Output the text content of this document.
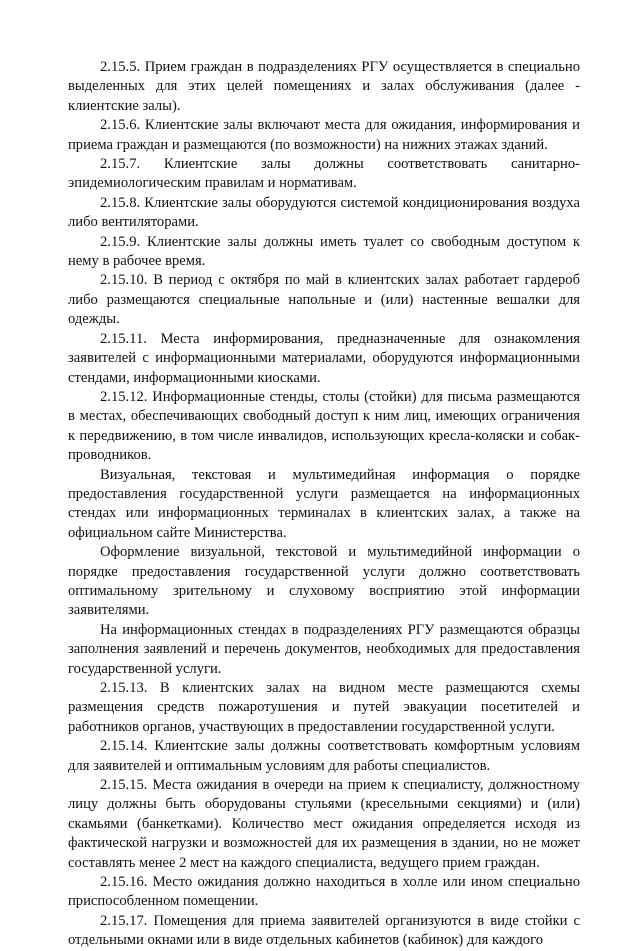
2.15.5. Прием граждан в подразделениях РГУ осуществляется в специально выделенных для этих целей помещениях и залах обслуживания (далее - клиентские залы).

2.15.6. Клиентские залы включают места для ожидания, информирования и приема граждан и размещаются (по возможности) на нижних этажах зданий.

2.15.7. Клиентские залы должны соответствовать санитарно-эпидемиологическим правилам и нормативам.

2.15.8. Клиентские залы оборудуются системой кондиционирования воздуха либо вентиляторами.

2.15.9. Клиентские залы должны иметь туалет со свободным доступом к нему в рабочее время.

2.15.10. В период с октября по май в клиентских залах работает гардероб либо размещаются специальные напольные и (или) настенные вешалки для одежды.

2.15.11. Места информирования, предназначенные для ознакомления заявителей с информационными материалами, оборудуются информационными стендами, информационными киосками.

2.15.12. Информационные стенды, столы (стойки) для письма размещаются в местах, обеспечивающих свободный доступ к ним лиц, имеющих ограничения к передвижению, в том числе инвалидов, использующих кресла-коляски и собак-проводников.

Визуальная, текстовая и мультимедийная информация о порядке предоставления государственной услуги размещается на информационных стендах или информационных терминалах в клиентских залах, а также на официальном сайте Министерства.

Оформление визуальной, текстовой и мультимедийной информации о порядке предоставления государственной услуги должно соответствовать оптимальному зрительному и слуховому восприятию этой информации заявителями.

На информационных стендах в подразделениях РГУ размещаются образцы заполнения заявлений и перечень документов, необходимых для предоставления государственной услуги.

2.15.13. В клиентских залах на видном месте размещаются схемы размещения средств пожаротушения и путей эвакуации посетителей и работников органов, участвующих в предоставлении государственной услуги.

2.15.14. Клиентские залы должны соответствовать комфортным условиям для заявителей и оптимальным условиям для работы специалистов.

2.15.15. Места ожидания в очереди на прием к специалисту, должностному лицу должны быть оборудованы стульями (кресельными секциями) и (или) скамьями (банкетками). Количество мест ожидания определяется исходя из фактической нагрузки и возможностей для их размещения в здании, но не может составлять менее 2 мест на каждого специалиста, ведущего прием граждан.

2.15.16. Место ожидания должно находиться в холле или ином специально приспособленном помещении.

2.15.17. Помещения для приема заявителей организуются в виде стойки с отдельными окнами или в виде отдельных кабинетов (кабинок) для каждого
